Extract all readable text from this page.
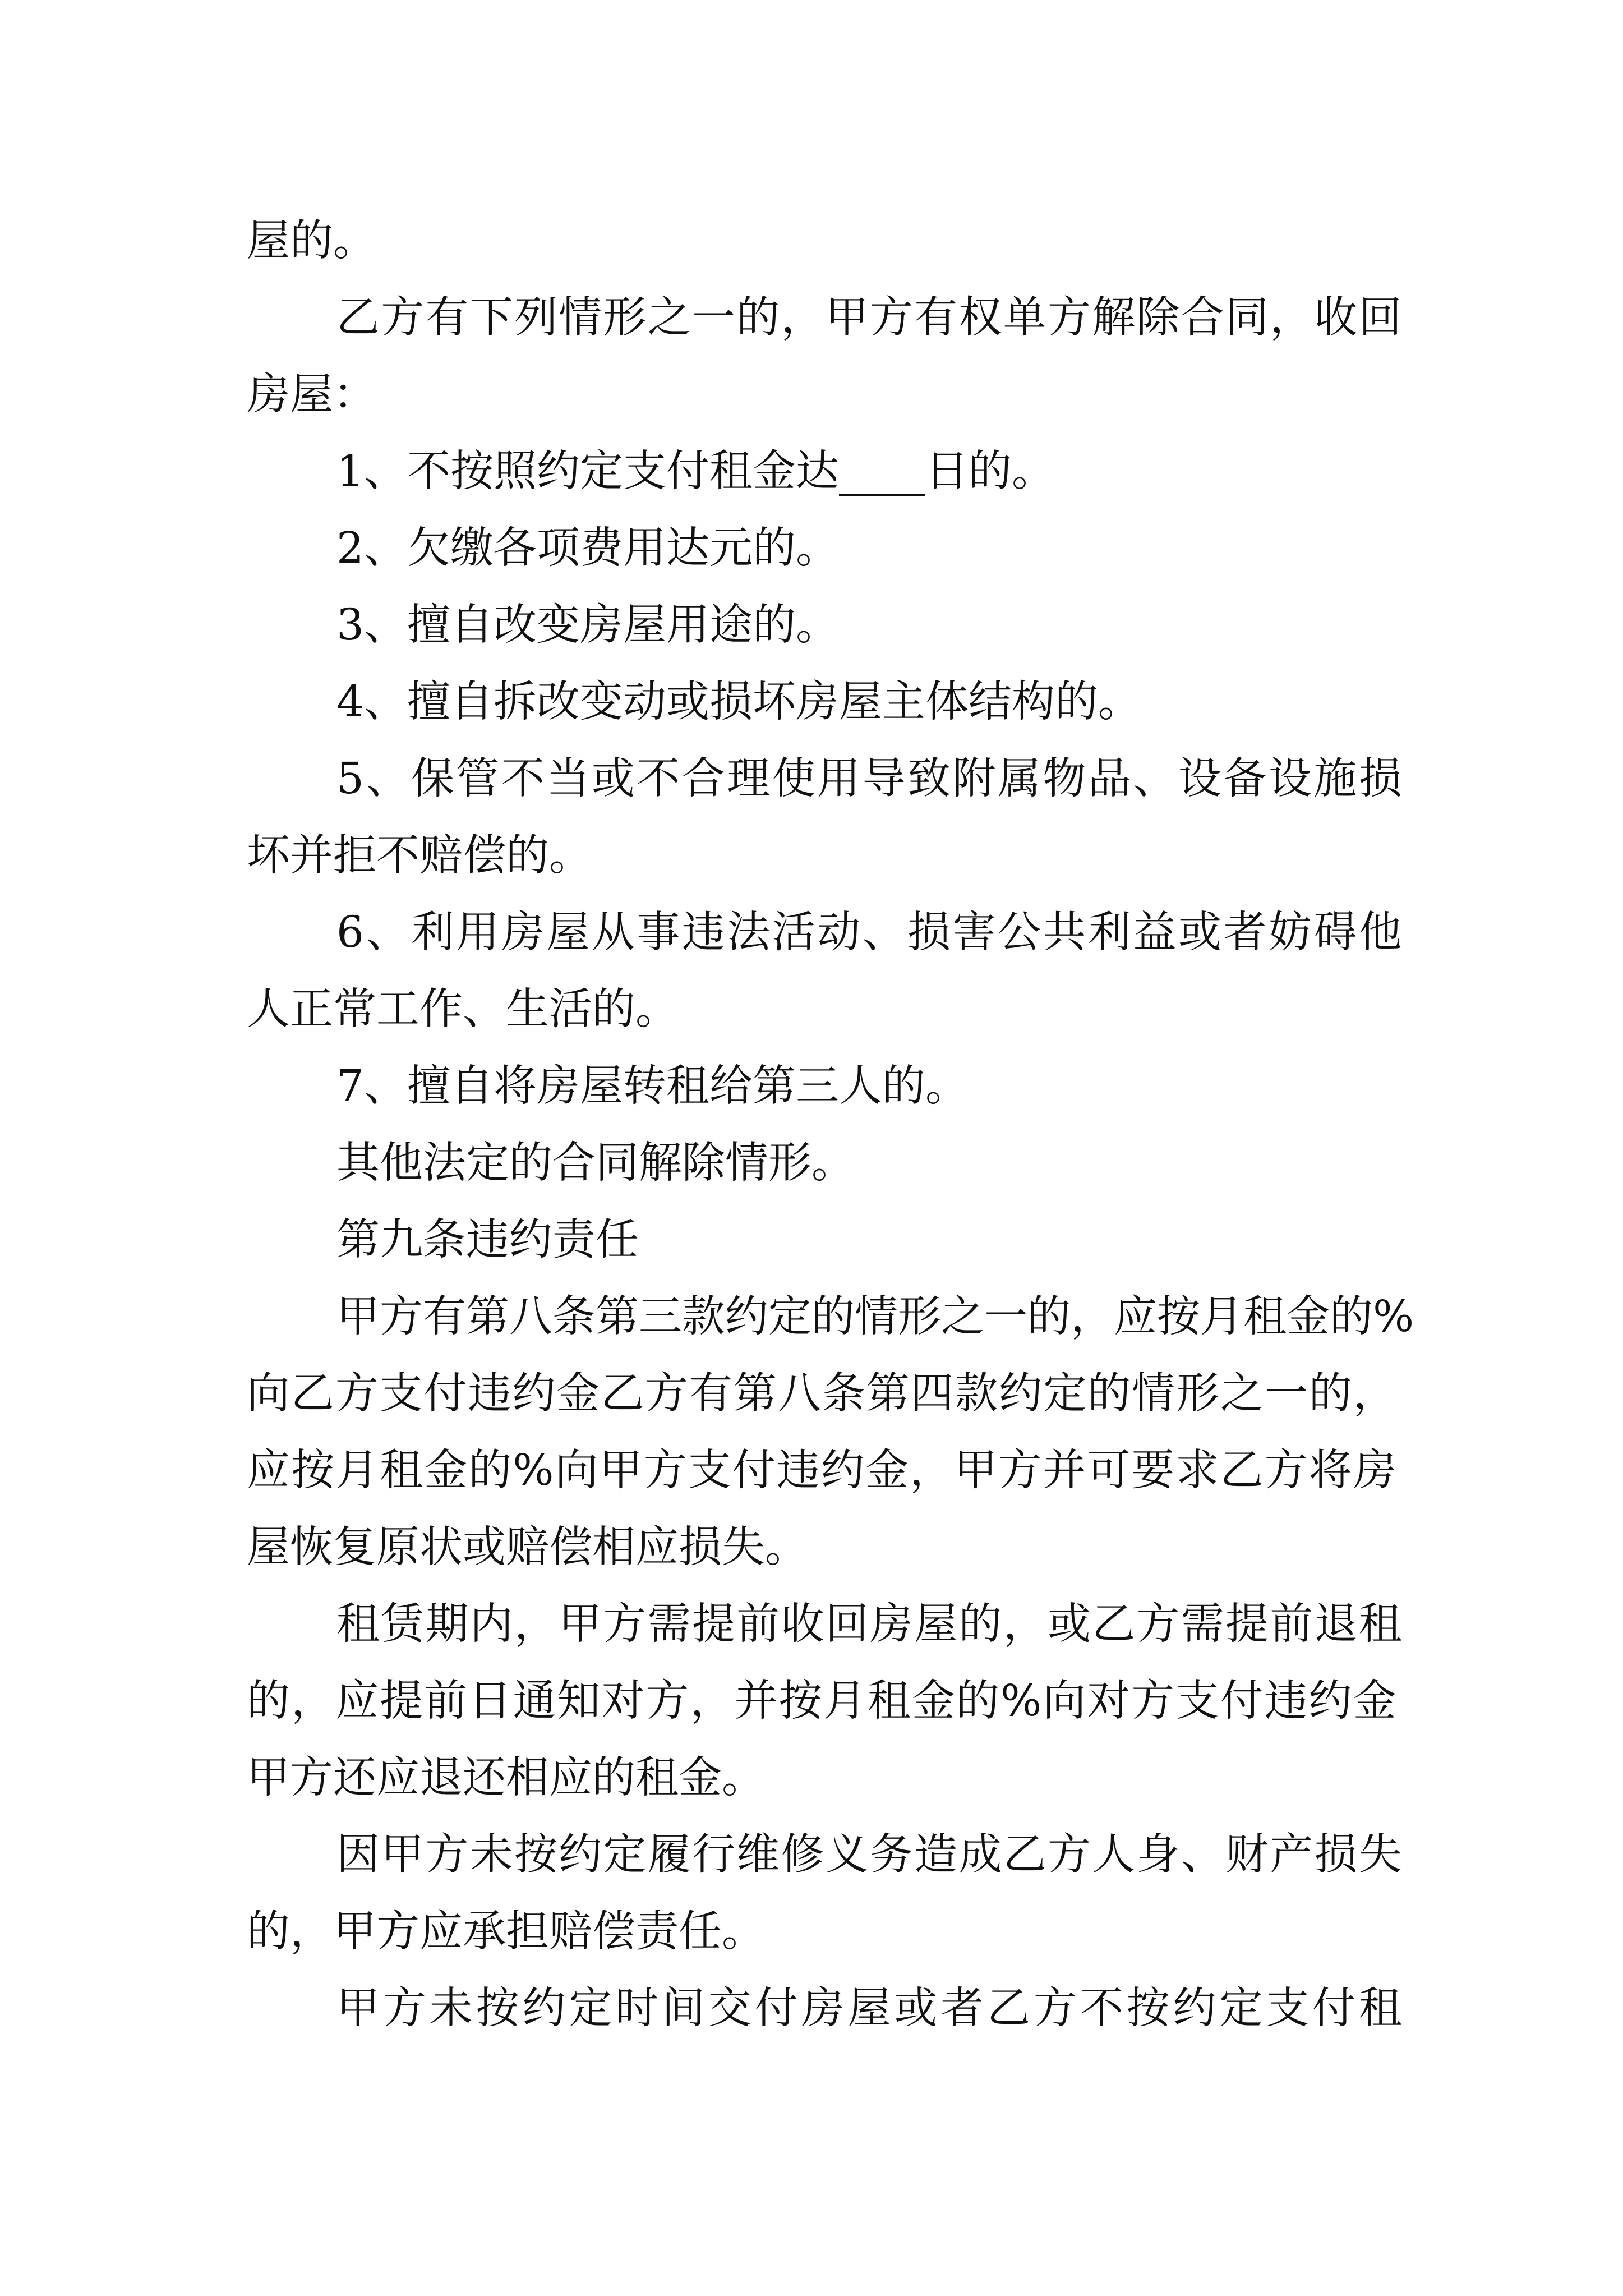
屋的。
乙 方 有 下 列 情 形 之 一 的 ， 甲 方 有 权 单 方 解 除 合 同 ， 收 回
房屋：
1、不按照约定支付租金达____日的。
2、欠缴各项费用达元的。
3、擅自改变房屋用途的。
4、擅自拆改变动或损坏房屋主体结构的。
5 、 保 管 不 当 或 不 合 理 使 用 导 致 附 属 物 品 、 设 备 设 施 损
坏并拒不赔偿的。
6 、 利 用 房 屋 从 事 违 法 活 动 、 损 害 公 共 利 益 或 者 妨 碍 他
人正常工作、生活的。
7、擅自将房屋转租给第三人的。
其他法定的合同解除情形。
第九条违约责任
甲 方 有 第 八 条 第 三 款 约 定 的 情 形 之 一 的 ， 应 按 月 租 金 的 %
向 乙 方 支 付 违 约 金 乙 方 有 第 八 条 第 四 款 约 定 的 情 形 之 一 的 ，
应 按 月 租 金 的 % 向 甲 方 支 付 违 约 金 ， 甲 方 并 可 要 求 乙 方 将 房
屋恢复原状或赔偿相应损失。
租 赁 期 内 ， 甲 方 需 提 前 收 回 房 屋 的 ， 或 乙 方 需 提 前 退 租
的 ， 应 提 前 日 通 知 对 方 ， 并 按 月 租 金 的 % 向 对 方 支 付 违 约 金
甲方还应退还相应的租金。
因 甲 方 未 按 约 定 履 行 维 修 义 务 造 成 乙 方 人 身 、 财 产 损 失
的，甲方应承担赔偿责任。
甲 方 未 按 约 定 时 间 交 付 房 屋 或 者 乙 方 不 按 约 定 支 付 租
